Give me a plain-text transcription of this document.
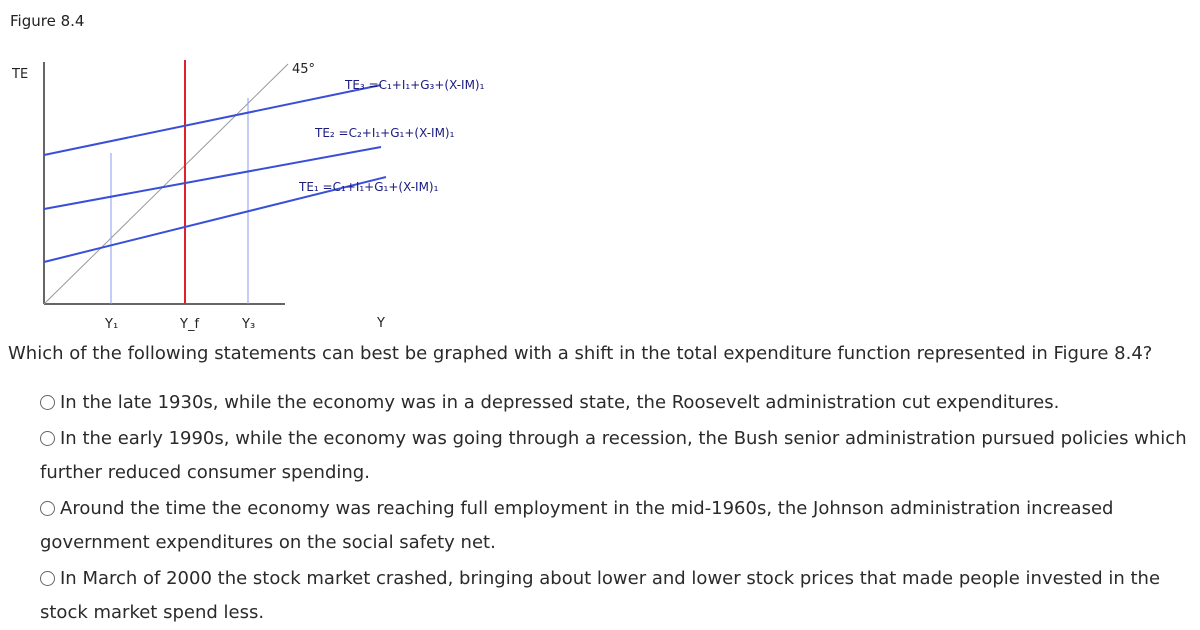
Figure 8.4
TE	45°
Y
Y₁	Y_f	Y₃
TE₃ =C₁+I₁+G₃+(X-IM)₁
TE₂ =C₂+I₁+G₁+(X-IM)₁
TE₁ =C₁+I₁+G₁+(X-IM)₁
Which of the following statements can best be graphed with a shift in the total expenditure function represented in Figure 8.4?
In the late 1930s, while the economy was in a depressed state, the Roosevelt administration cut expenditures.
In the early 1990s, while the economy was going through a recession, the Bush senior administration pursued policies which further reduced consumer spending.
Around the time the economy was reaching full employment in the mid-1960s, the Johnson administration increased government expenditures on the social safety net.
In March of 2000 the stock market crashed, bringing about lower and lower stock prices that made people invested in the stock market spend less.
